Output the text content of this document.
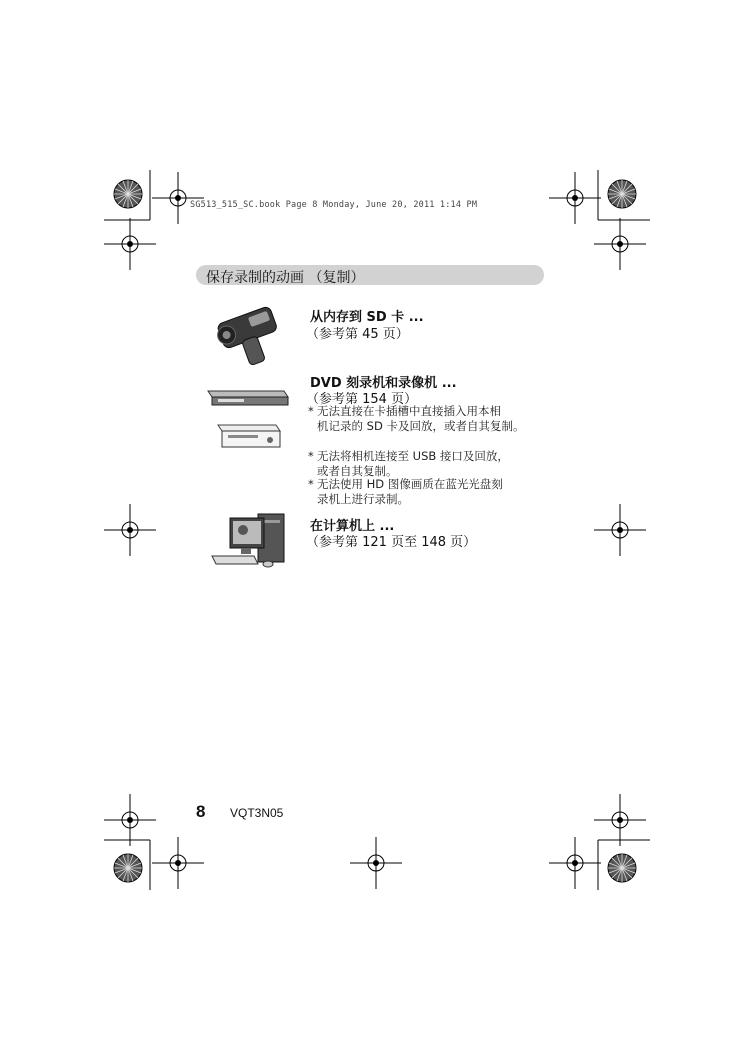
SG513_515_SC.book Page 8 Monday, June 20, 2011 1:14 PM
保存录制的动画 （复制）
从内存到 SD 卡 ...
（参考第 45 页）
DVD 刻录机和录像机 ...
（参考第 154 页）
* 无法直接在卡插槽中直接插入用本相
机记录的 SD 卡及回放，或者自其复制。
* 无法将相机连接至 USB 接口及回放，
或者自其复制。
* 无法使用 HD 图像画质在蓝光光盘刻
录机上进行录制。
在计算机上 ...
（参考第 121 页至 148 页）
8 VQT3N05
